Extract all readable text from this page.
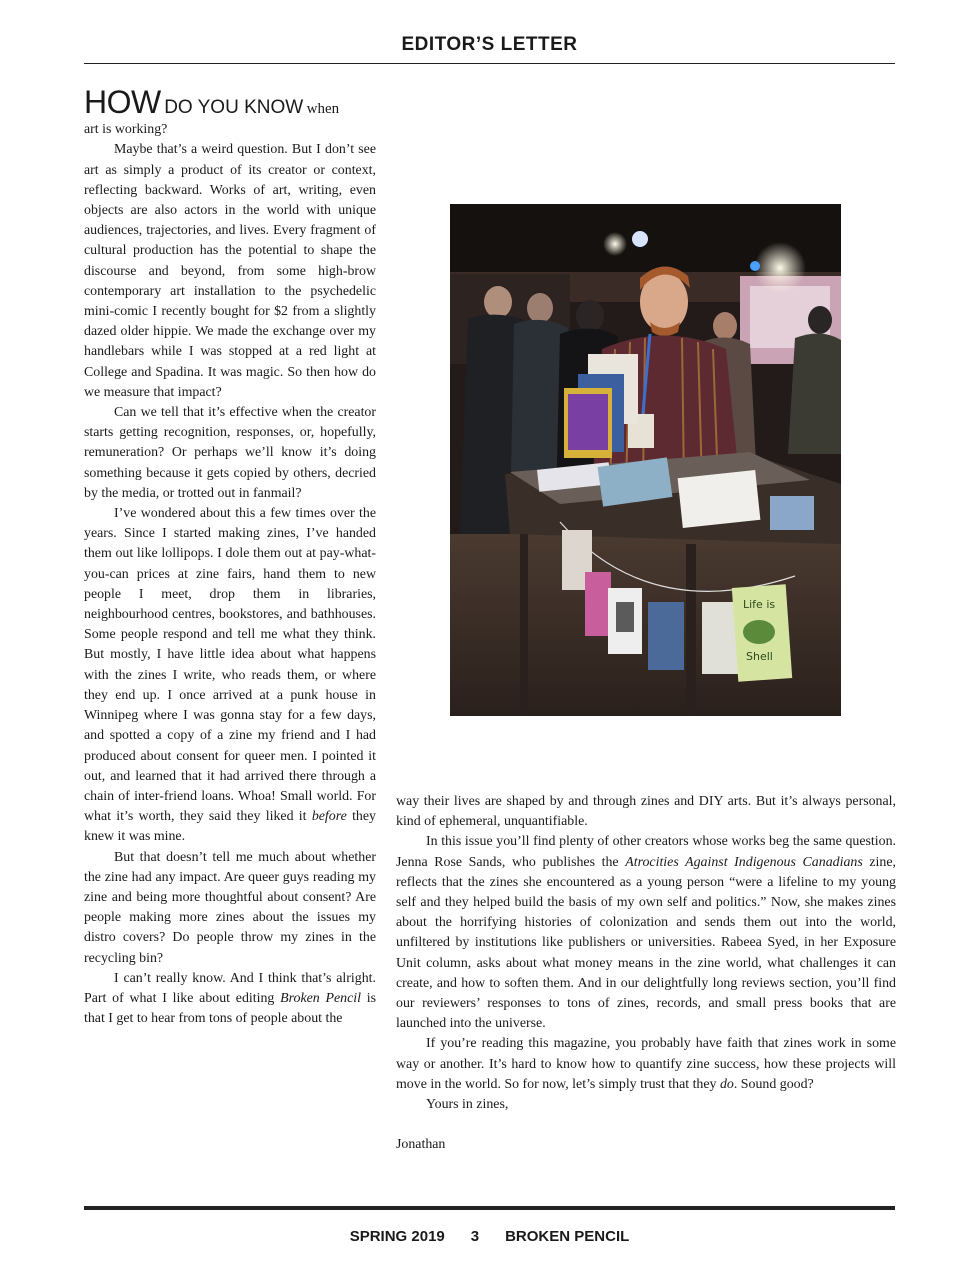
EDITOR’S LETTER

HOW DO YOU KNOW when
art is working?

Maybe that’s a weird question. But I don’t see art as simply a product of its creator or context, reflecting backward. Works of art, writing, even objects are also actors in the world with unique audiences, trajectories, and lives. Every fragment of cultural production has the potential to shape the discourse and beyond, from some high-brow contemporary art installation to the psychedelic mini-comic I recently bought for $2 from a slightly dazed older hippie. We made the exchange over my handlebars while I was stopped at a red light at College and Spadina. It was magic. So then how do we measure that impact?

Can we tell that it’s effective when the creator starts getting recognition, responses, or, hopefully, remuneration? Or perhaps we’ll know it’s doing something because it gets copied by others, decried by the media, or trotted out in fanmail?

I’ve wondered about this a few times over the years. Since I started making zines, I’ve handed them out like lollipops. I dole them out at pay-what-you-can prices at zine fairs, hand them to new people I meet, drop them in libraries, neighbourhood centres, bookstores, and bathhouses. Some people respond and tell me what they think. But mostly, I have little idea about what happens with the zines I write, who reads them, or where they end up. I once arrived at a punk house in Winnipeg where I was gonna stay for a few days, and spotted a copy of a zine my friend and I had produced about consent for queer men. I pointed it out, and learned that it had arrived there through a chain of inter-friend loans. Whoa! Small world. For what it’s worth, they said they liked it before they knew it was mine.

But that doesn’t tell me much about whether the zine had any impact. Are queer guys reading my zine and being more thoughtful about consent? Are people making more zines about the issues my distro covers? Do people throw my zines in the recycling bin?

I can’t really know. And I think that’s alright. Part of what I like about editing Broken Pencil is that I get to hear from tons of people about the

Life is
Shell

way their lives are shaped by and through zines and DIY arts. But it’s always personal, kind of ephemeral, unquantifiable.

In this issue you’ll find plenty of other creators whose works beg the same question. Jenna Rose Sands, who publishes the Atrocities Against Indigenous Canadians zine, reflects that the zines she encountered as a young person “were a lifeline to my young self and they helped build the basis of my own self and politics.” Now, she makes zines about the horrifying histories of colonization and sends them out into the world, unfiltered by institutions like publishers or universities. Rabeea Syed, in her Exposure Unit column, asks about what money means in the zine world, what challenges it can create, and how to soften them. And in our delightfully long reviews section, you’ll find our reviewers’ responses to tons of zines, records, and small press books that are launched into the universe.

If you’re reading this magazine, you probably have faith that zines work in some way or another. It’s hard to know how to quantify zine success, how these projects will move in the world. So for now, let’s simply trust that they do. Sound good?

Yours in zines,

Jonathan

SPRING 2019 3 BROKEN PENCIL
